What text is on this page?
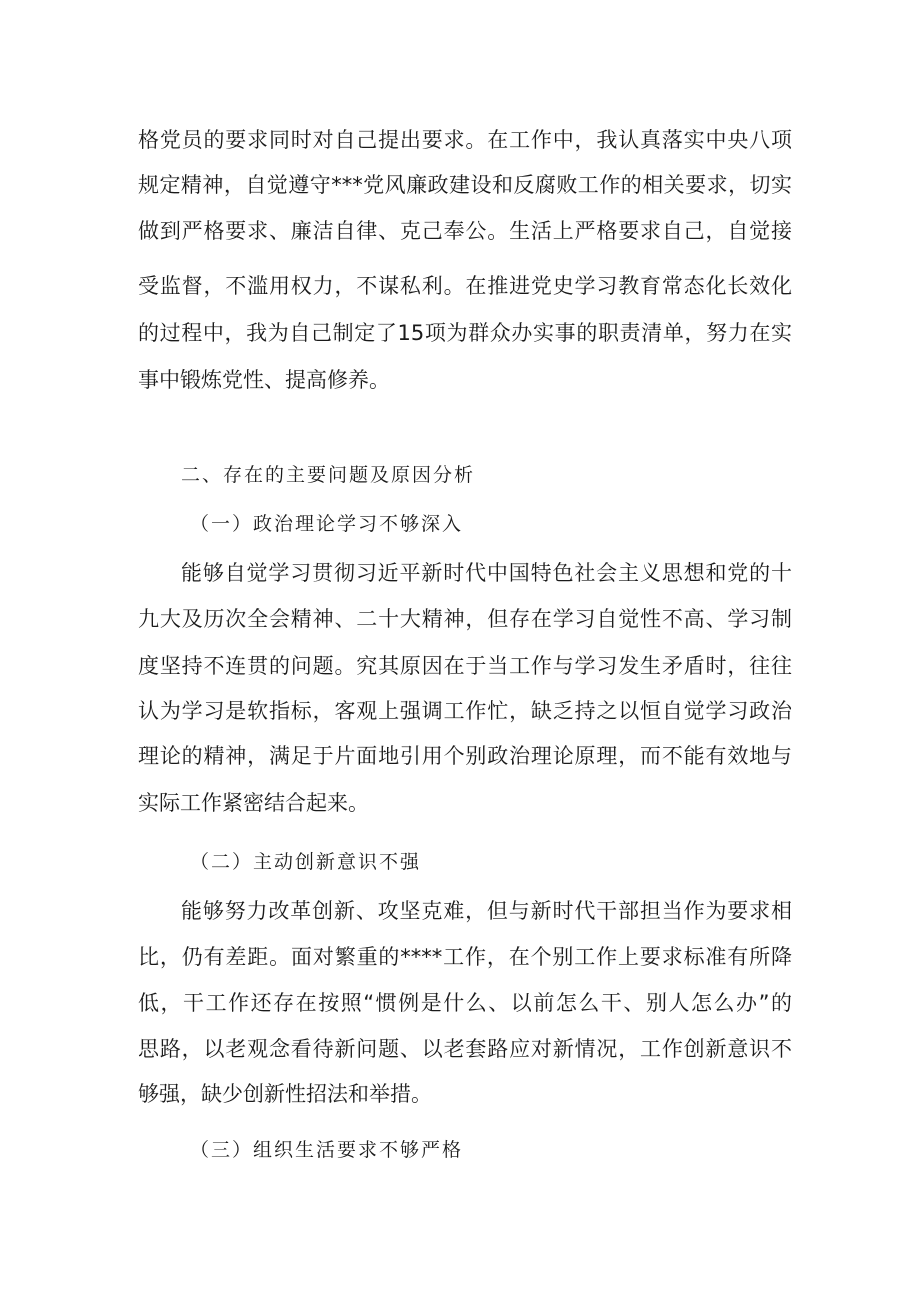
格党员的要求同时对自己提出要求。在工作中，我认真落实中央八项
规定精神，自觉遵守***党风廉政建设和反腐败工作的相关要求，切实
做到严格要求、廉洁自律、克己奉公。生活上严格要求自己，自觉接
受监督，不滥用权力，不谋私利。在推进党史学习教育常态化长效化
的过程中，我为自己制定了15项为群众办实事的职责清单，努力在实
事中锻炼党性、提高修养。
二、存在的主要问题及原因分析
（一）政治理论学习不够深入
能够自觉学习贯彻习近平新时代中国特色社会主义思想和党的十
九大及历次全会精神、二十大精神，但存在学习自觉性不高、学习制
度坚持不连贯的问题。究其原因在于当工作与学习发生矛盾时，往往
认为学习是软指标，客观上强调工作忙，缺乏持之以恒自觉学习政治
理论的精神，满足于片面地引用个别政治理论原理，而不能有效地与
实际工作紧密结合起来。
（二）主动创新意识不强
能够努力改革创新、攻坚克难，但与新时代干部担当作为要求相
比，仍有差距。面对繁重的****工作，在个别工作上要求标准有所降
低，干工作还存在按照“惯例是什么、以前怎么干、别人怎么办”的
思路，以老观念看待新问题、以老套路应对新情况，工作创新意识不
够强，缺少创新性招法和举措。
（三）组织生活要求不够严格
